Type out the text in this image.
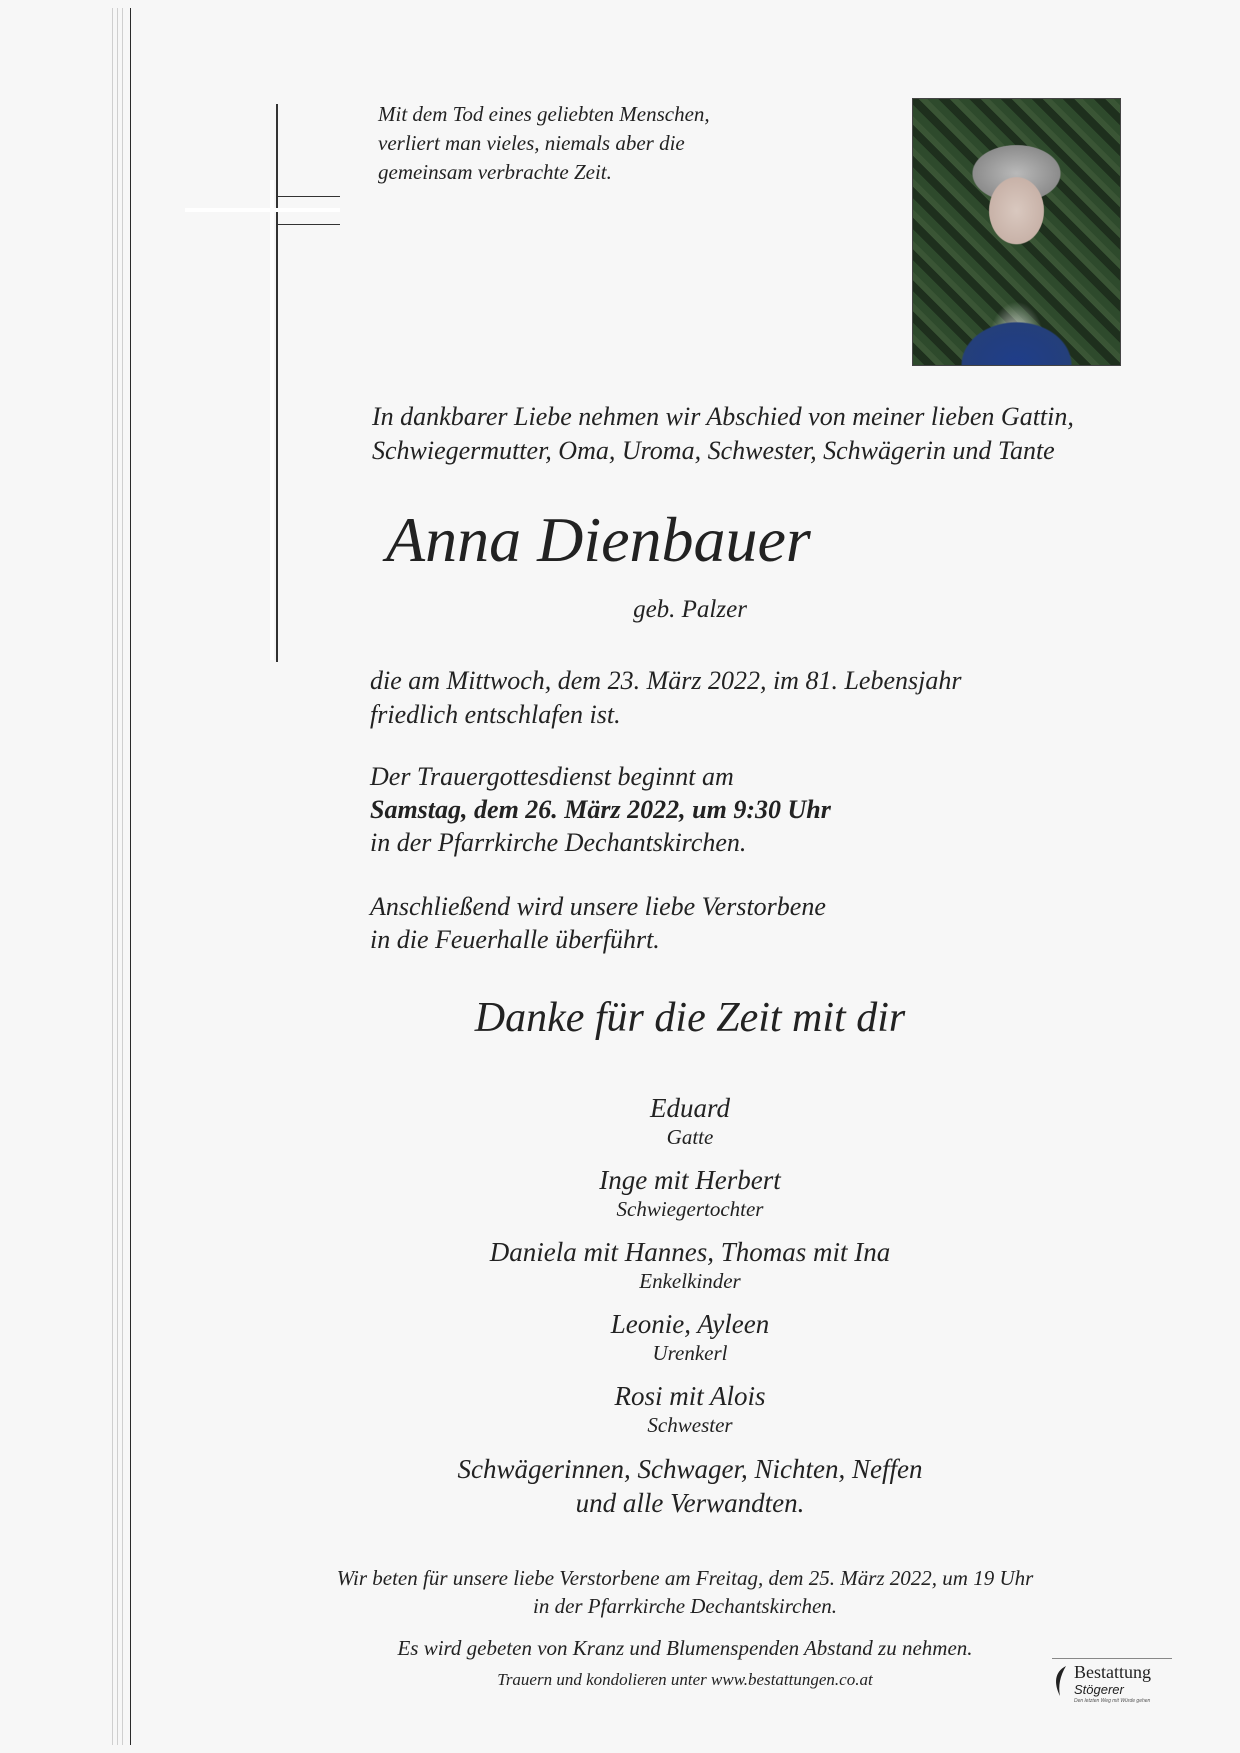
Mit dem Tod eines geliebten Menschen,
verliert man vieles, niemals aber die
gemeinsam verbrachte Zeit.
In dankbarer Liebe nehmen wir Abschied von meiner lieben Gattin,
Schwiegermutter, Oma, Uroma, Schwester, Schwägerin und Tante
Anna Dienbauer
geb. Palzer
die am Mittwoch, dem 23. März 2022, im 81. Lebensjahr
friedlich entschlafen ist.
Der Trauergottesdienst beginnt am
Samstag, dem 26. März 2022, um 9:30 Uhr
in der Pfarrkirche Dechantskirchen.
Anschließend wird unsere liebe Verstorbene
in die Feuerhalle überführt.
Danke für die Zeit mit dir
Eduard
Gatte
Inge mit Herbert
Schwiegertochter
Daniela mit Hannes, Thomas mit Ina
Enkelkinder
Leonie, Ayleen
Urenkerl
Rosi mit Alois
Schwester
Schwägerinnen, Schwager, Nichten, Neffen
und alle Verwandten.
Wir beten für unsere liebe Verstorbene am Freitag, dem 25. März 2022, um 19 Uhr
in der Pfarrkirche Dechantskirchen.
Es wird gebeten von Kranz und Blumenspenden Abstand zu nehmen.
Trauern und kondolieren unter www.bestattungen.co.at	Bestattung
Stögerer
Den letzten Weg mit Würde gehen
